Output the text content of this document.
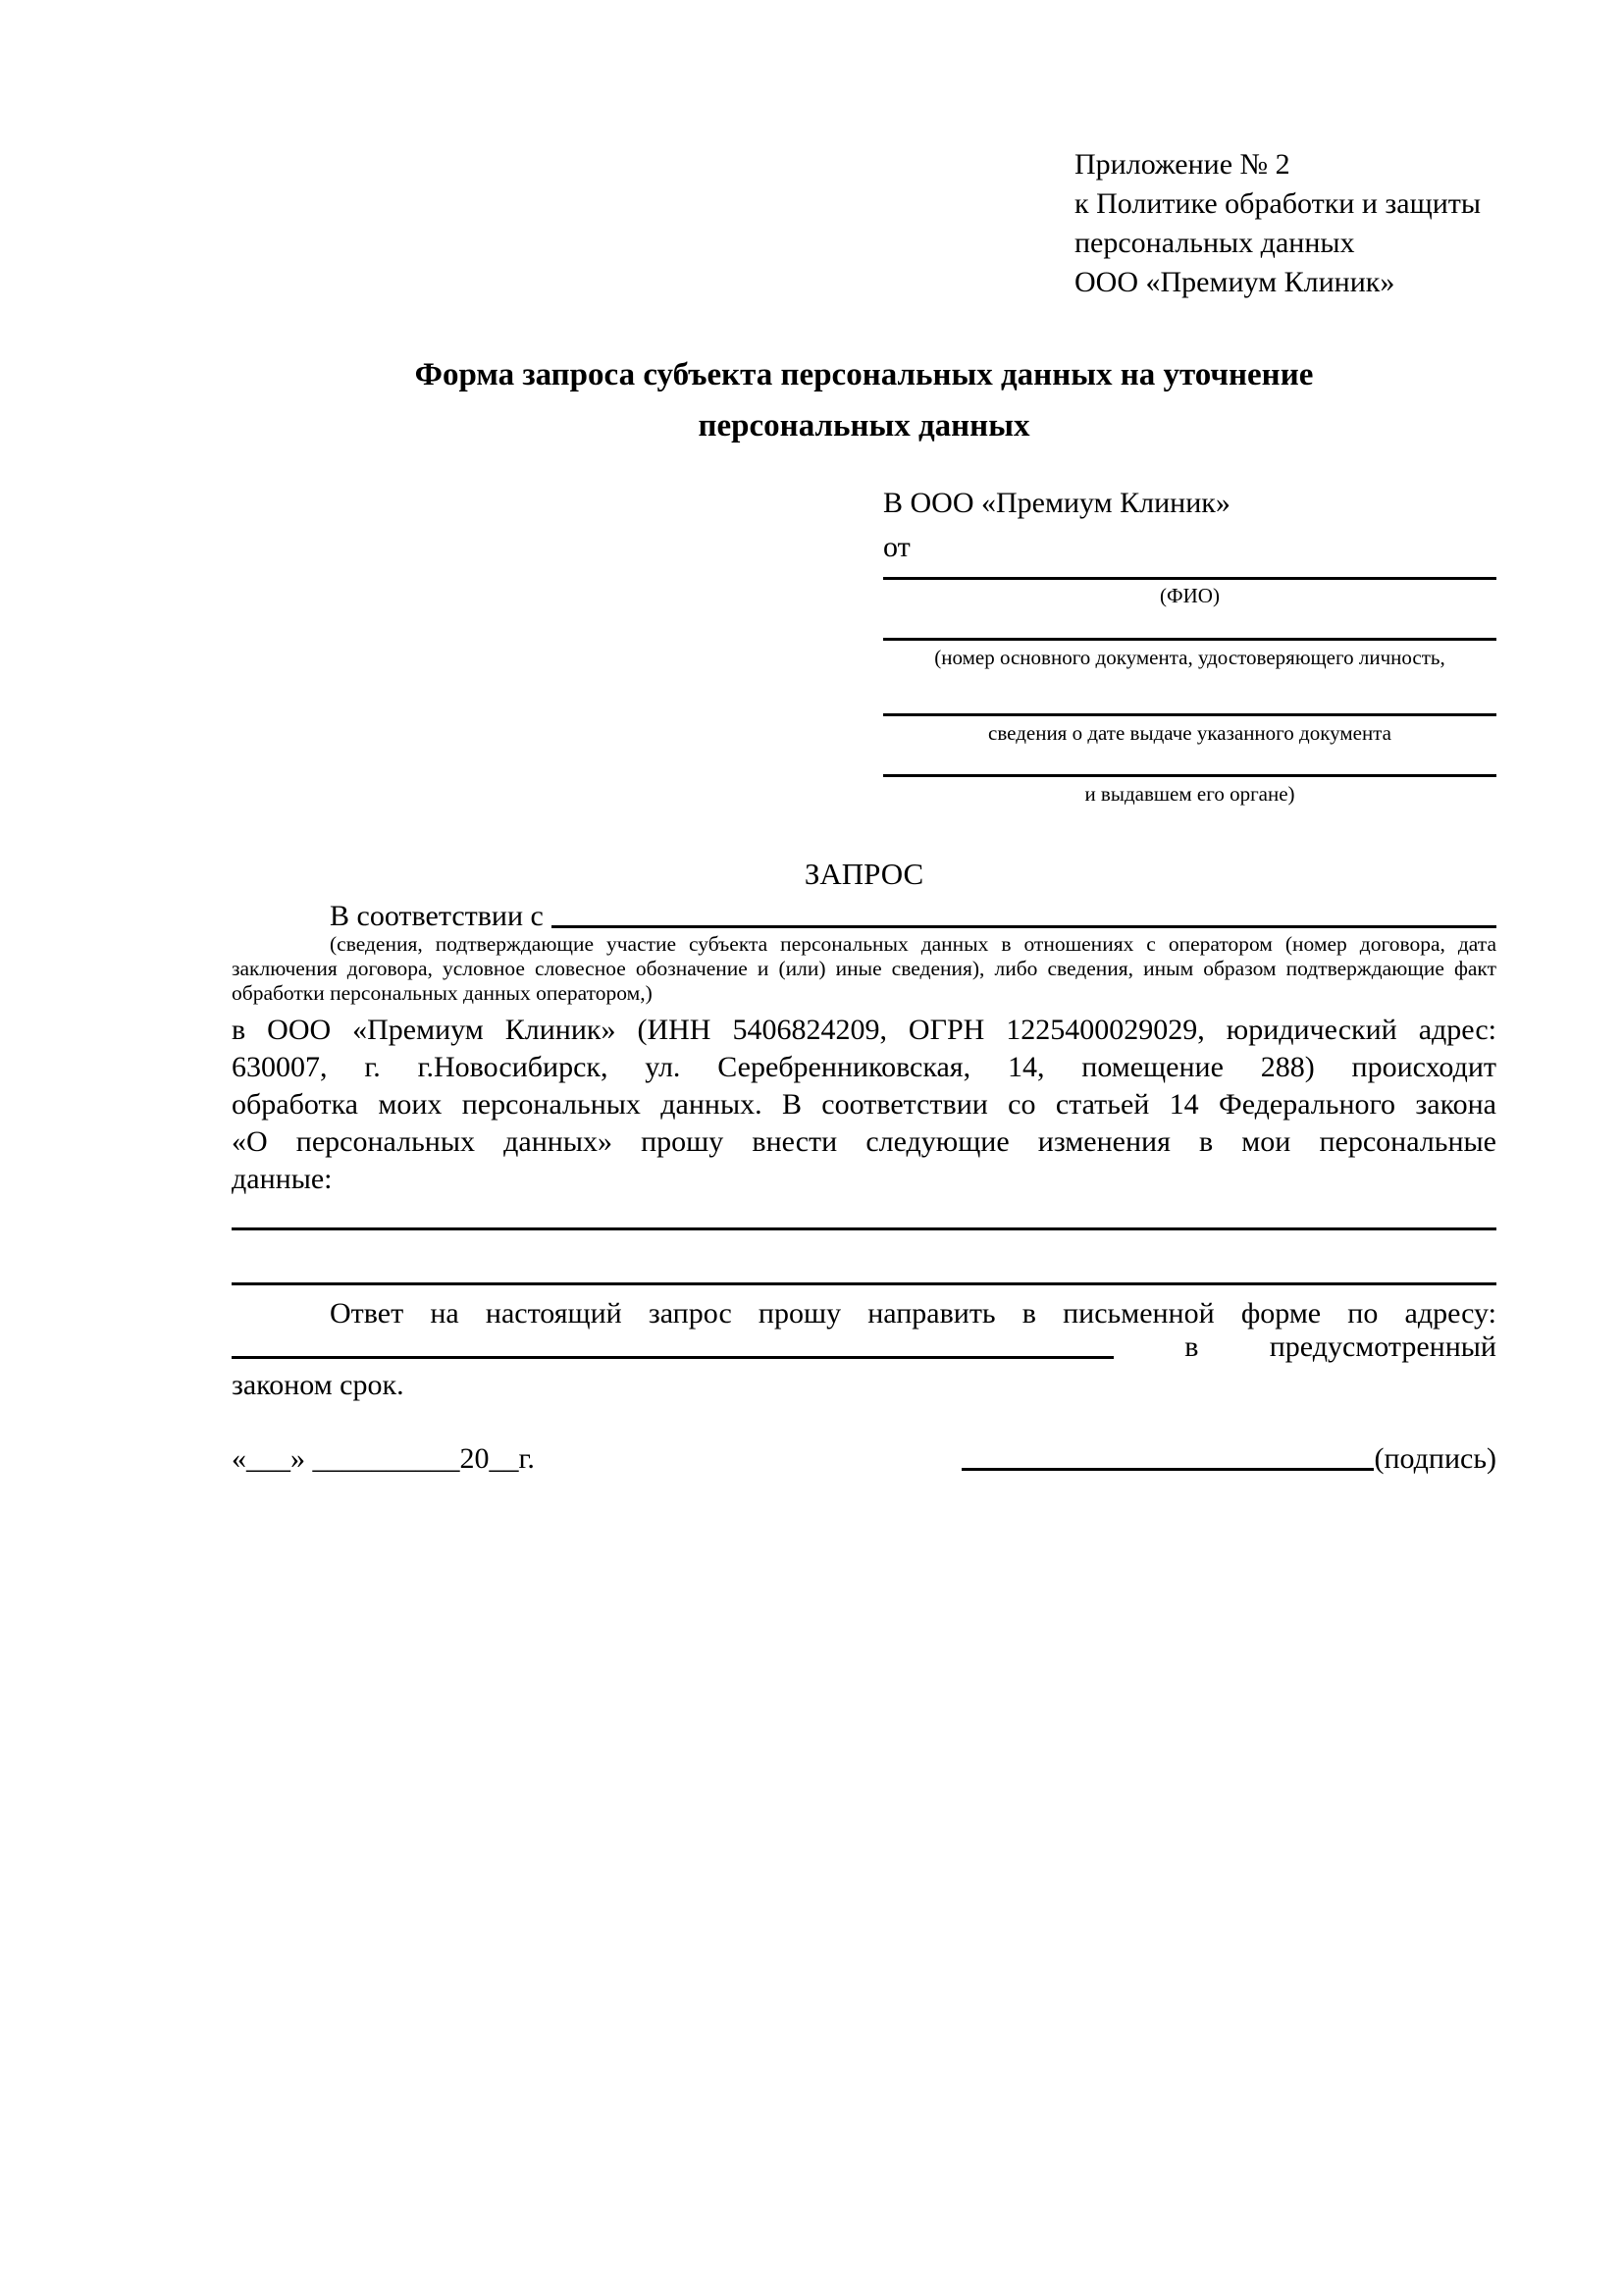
Приложение № 2
к Политике обработки и защиты
персональных данных
ООО «Премиум Клиник»
Форма запроса субъекта персональных данных на уточнение
персональных данных
В ООО «Премиум Клиник»
от
(ФИО)
(номер основного документа, удостоверяющего личность,
сведения о дате выдаче указанного документа
и выдавшем его органе)
ЗАПРОС
В соответствии с
(сведения, подтверждающие участие субъекта персональных данных в отношениях с оператором (номер договора, дата
заключения договора, условное словесное обозначение и (или) иные сведения), либо сведения, иным образом подтверждающие факт
обработки персональных данных оператором,)
в ООО «Премиум Клиник» (ИНН 5406824209, ОГРН 1225400029029, юридический адрес:
630007, г. г.Новосибирск, ул. Серебренниковская, 14, помещение 288) происходит
обработка моих персональных данных. В соответствии со статьей 14 Федерального закона
«О персональных данных» прошу внести следующие изменения в мои персональные
данные:
Ответ на настоящий запрос прошу направить в письменной форме по адресу:
в предусмотренный
законом срок.
«___» __________20__г.	(подпись)
